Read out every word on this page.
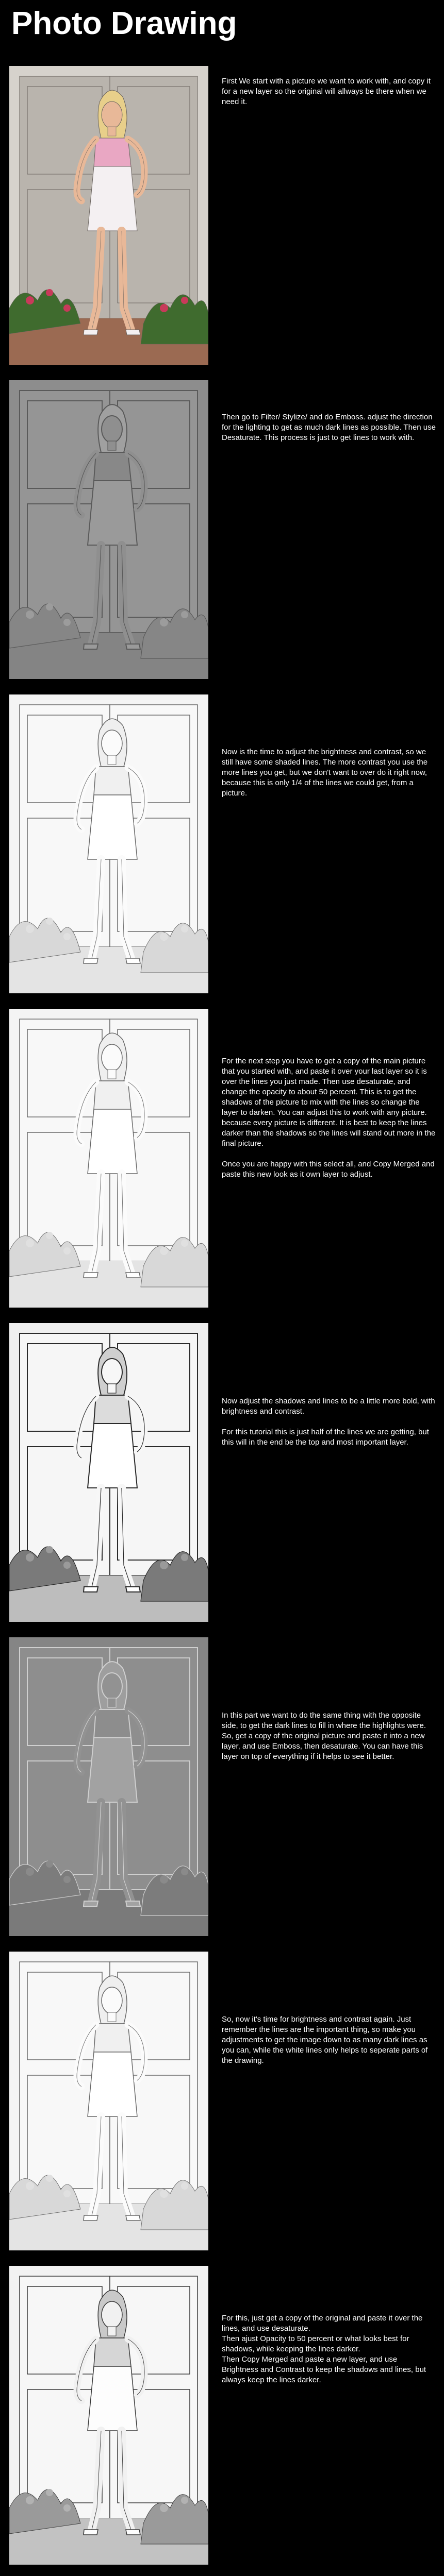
Photo Drawing
First We start with a picture we want to work with, and copy it for a new layer so the original will allways be there when we need it.
Then go to Filter/ Stylize/ and do Emboss. adjust the direction for the lighting to get as much dark lines as possible. Then use Desaturate. This process is just to get lines to work with.
Now is the time to adjust the brightness and contrast, so we still have some shaded lines. The more contrast you use the more lines you get, but we don't want to over do it right now, because this is only 1/4 of the lines we could get, from a picture.
For the next step you have to get a copy of the main picture that you started with, and paste it over your last layer so it is over the lines you just made. Then use desaturate, and change the opacity to about 50 percent. This is to get the shadows of the picture to mix with the lines so change the layer to darken. You can adjust this to work with any picture. because every picture is different. It is best to keep the lines darker than the shadows so the lines will stand out more in the final picture.

Once you are happy with this select all, and Copy Merged and paste this new look as it own layer to adjust.
Now adjust the shadows and lines to be a little more bold, with brightness and contrast.

For this tutorial this is just half of the lines we are getting, but this will in the end be the top and most important layer.
In this part we want to do the same thing with the opposite side, to get the dark lines to fill in where the highlights were.
So, get a copy of the original picture and paste it into a new layer, and use Emboss, then desaturate. You can have this layer on top of everything if it helps to see it better.
So, now it's time for brightness and contrast again. Just remember the lines are the important thing, so make you adjustments to get the image down to as many dark lines as you can, while the white lines only helps to seperate parts of the drawing.
For this, just get a copy of the original and paste it over the lines, and use desaturate.
Then ajust Opacity to 50 percent or what looks best for shadows, while keeping the lines darker.
Then Copy Merged and paste a new layer, and use Brightness and Contrast to keep the shadows and lines, but always keep the lines darker.
